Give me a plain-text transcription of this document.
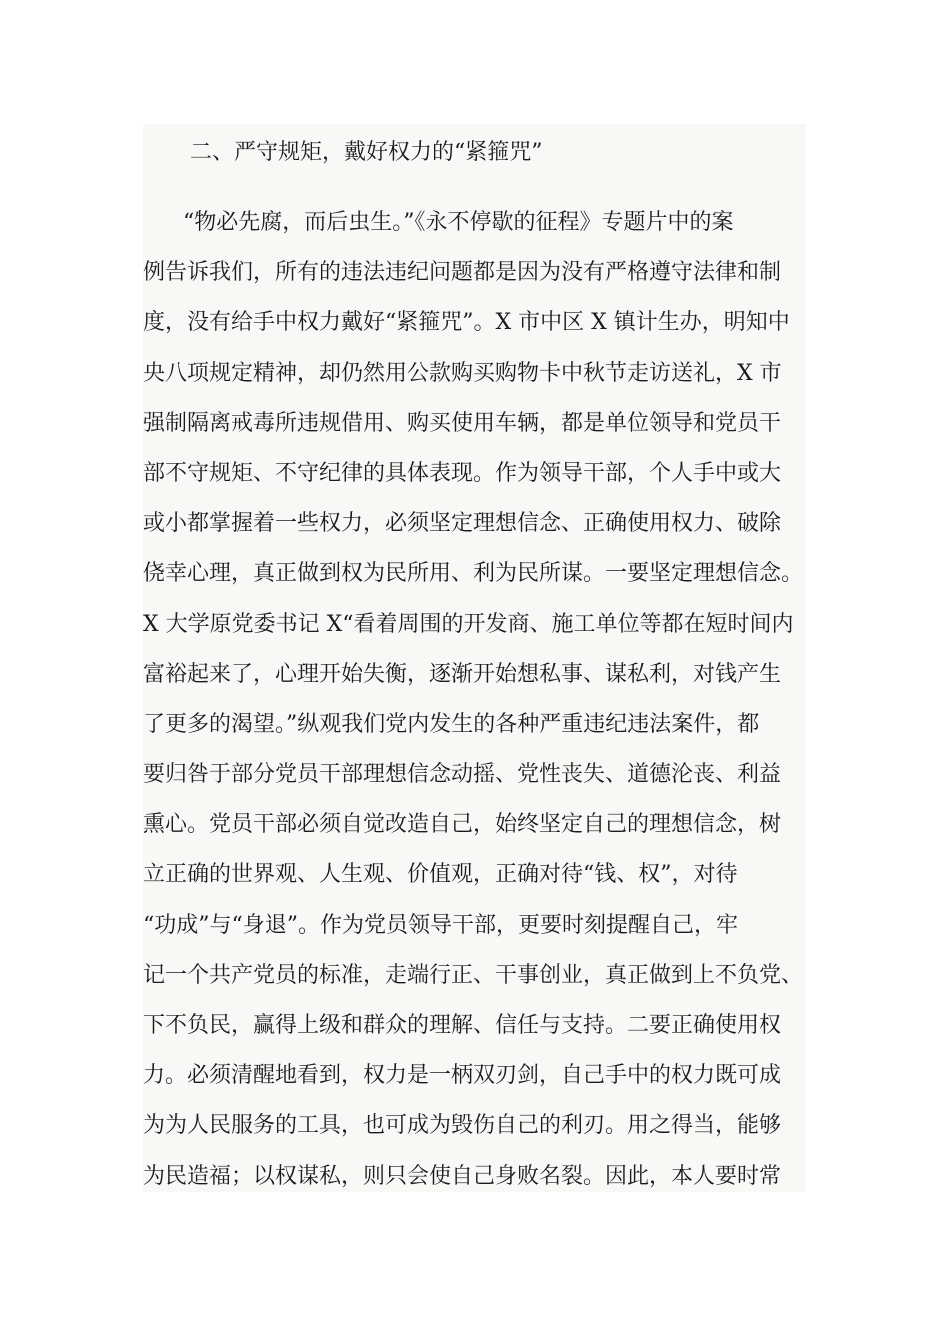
二、严守规矩，戴好权力的“紧箍咒”
“物必先腐，而后虫生。”《永不停歇的征程》专题片中的案
例告诉我们，所有的违法违纪问题都是因为没有严格遵守法律和制
度，没有给手中权力戴好“紧箍咒”。X 市中区 X 镇计生办，明知中
央八项规定精神，却仍然用公款购买购物卡中秋节走访送礼，X 市
强制隔离戒毒所违规借用、购买使用车辆，都是单位领导和党员干
部不守规矩、不守纪律的具体表现。作为领导干部，个人手中或大
或小都掌握着一些权力，必须坚定理想信念、正确使用权力、破除
侥幸心理，真正做到权为民所用、利为民所谋。一要坚定理想信念。
X 大学原党委书记 X“看着周围的开发商、施工单位等都在短时间内
富裕起来了，心理开始失衡，逐渐开始想私事、谋私利，对钱产生
了更多的渴望。”纵观我们党内发生的各种严重违纪违法案件，都
要归咎于部分党员干部理想信念动摇、党性丧失、道德沦丧、利益
熏心。党员干部必须自觉改造自己，始终坚定自己的理想信念，树
立正确的世界观、人生观、价值观，正确对待“钱、权”，对待
“功成”与“身退”。作为党员领导干部，更要时刻提醒自己，牢
记一个共产党员的标准，走端行正、干事创业，真正做到上不负党、
下不负民，赢得上级和群众的理解、信任与支持。二要正确使用权
力。必须清醒地看到，权力是一柄双刃剑，自己手中的权力既可成
为为人民服务的工具，也可成为毁伤自己的利刃。用之得当，能够
为民造福；以权谋私，则只会使自己身败名裂。因此，本人要时常
